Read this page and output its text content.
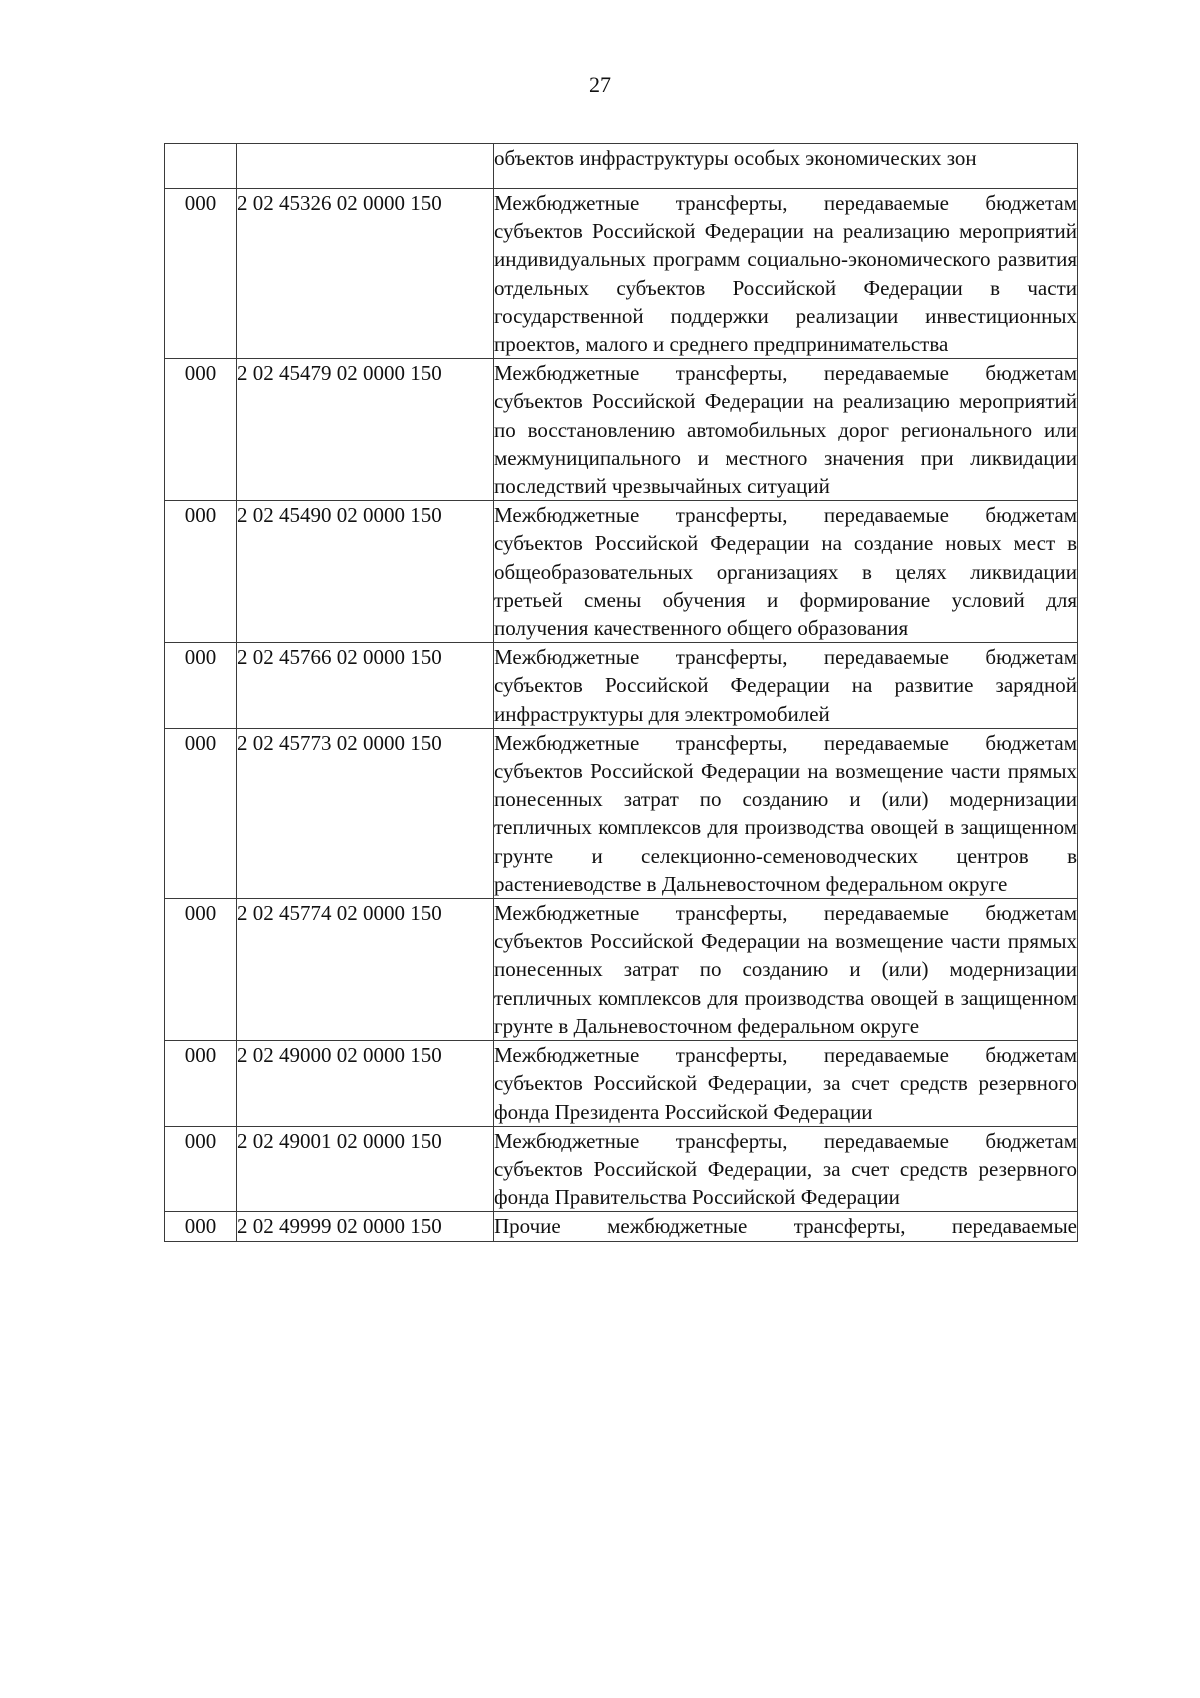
27
		объектов инфраструктуры особых экономических зон
000	2 02 45326 02 0000 150	Межбюджетные трансферты, передаваемые бюджетам субъектов Российской Федерации на реализацию мероприятий индивидуальных программ социально-экономического развития отдельных субъектов Российской Федерации в части государственной поддержки реализации инвестиционных проектов, малого и среднего предпринимательства
000	2 02 45479 02 0000 150	Межбюджетные трансферты, передаваемые бюджетам субъектов Российской Федерации на реализацию мероприятий по восстановлению автомобильных дорог регионального или межмуниципального и местного значения при ликвидации последствий чрезвычайных ситуаций
000	2 02 45490 02 0000 150	Межбюджетные трансферты, передаваемые бюджетам субъектов Российской Федерации на создание новых мест в общеобразовательных организациях в целях ликвидации третьей смены обучения и формирование условий для получения качественного общего образования
000	2 02 45766 02 0000 150	Межбюджетные трансферты, передаваемые бюджетам субъектов Российской Федерации на развитие зарядной инфраструктуры для электромобилей
000	2 02 45773 02 0000 150	Межбюджетные трансферты, передаваемые бюджетам субъектов Российской Федерации на возмещение части прямых понесенных затрат по созданию и (или) модернизации тепличных комплексов для производства овощей в защищенном грунте и селекционно-семеноводческих центров в растениеводстве в Дальневосточном федеральном округе
000	2 02 45774 02 0000 150	Межбюджетные трансферты, передаваемые бюджетам субъектов Российской Федерации на возмещение части прямых понесенных затрат по созданию и (или) модернизации тепличных комплексов для производства овощей в защищенном грунте в Дальневосточном федеральном округе
000	2 02 49000 02 0000 150	Межбюджетные трансферты, передаваемые бюджетам субъектов Российской Федерации, за счет средств резервного фонда Президента Российской Федерации
000	2 02 49001 02 0000 150	Межбюджетные трансферты, передаваемые бюджетам субъектов Российской Федерации, за счет средств резервного фонда Правительства Российской Федерации
000	2 02 49999 02 0000 150	Прочие межбюджетные трансферты, передаваемые
